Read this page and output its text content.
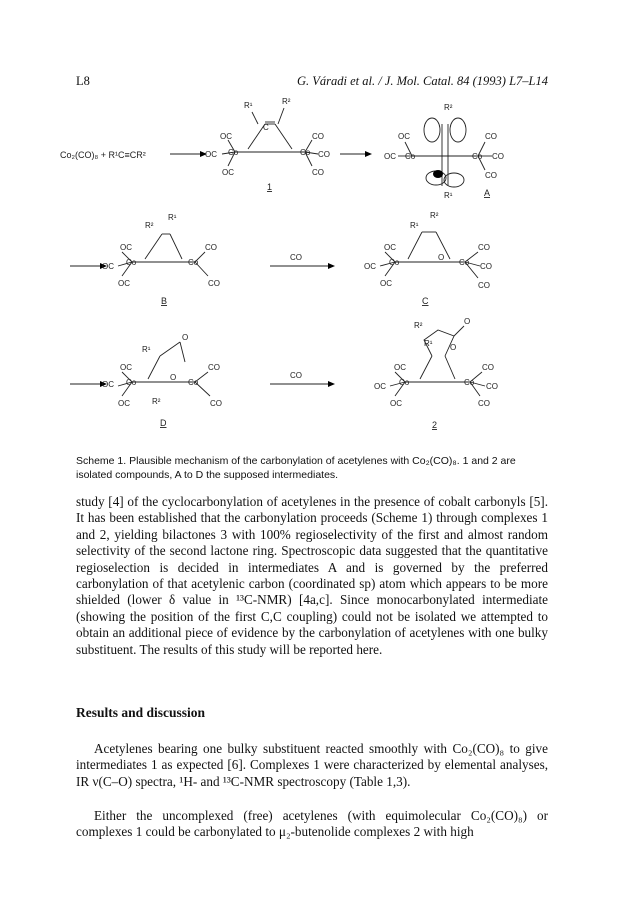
L8	G. Váradi et al. / J. Mol. Catal. 84 (1993) L7–L14
Co₂(CO)₈ + R¹C≡CR²
R¹	R²
C
OC
OC
OC
Co	Co
CO
CO
CO
1
R²
OC
OC Co	Co
CO
CO
CO
R¹	A
R²
R¹
OC
OC
OC
Co	Co
CO
CO
B
CO
R²
R¹
O
OC
OC
OC
Co	Co
CO
CO
CO
C
R¹
O
O
OC
OC
OC
Co	Co
CO
CO
R²
D
CO
R²
R¹
O
O
OC
OC
OC
Co	Co
CO
CO
CO
2
Scheme 1. Plausible mechanism of the carbonylation of acetylenes with Co₂(CO)₈. 1 and 2 are isolated compounds, A to D the supposed intermediates.

study [4] of the cyclocarbonylation of acetylenes in the presence of cobalt carbonyls [5]. It has been established that the carbonylation proceeds (Scheme 1) through complexes 1 and 2, yielding bilactones 3 with 100% regioselectivity of the first and almost random selectivity of the second lactone ring. Spectroscopic data suggested that the quantitative regioselection is decided in intermediates A and is governed by the preferred carbonylation of that acetylenic carbon (coordinated sp) atom which appears to be more shielded (lower δ value in ¹³C-NMR) [4a,c]. Since monocarbonylated intermediate (showing the position of the first C,C coupling) could not be isolated we attempted to obtain an additional piece of evidence by the carbonylation of acetylenes with one bulky substituent. The results of this study will be reported here.

Results and discussion

Acetylenes bearing one bulky substituent reacted smoothly with Co₂(CO)₈ to give intermediates 1 as expected [6]. Complexes 1 were characterized by elemental analyses, IR ν(C–O) spectra, ¹H- and ¹³C-NMR spectroscopy (Table 1,3).

Either the uncomplexed (free) acetylenes (with equimolecular Co₂(CO)₈) or complexes 1 could be carbonylated to μ₂-butenolide complexes 2 with high
